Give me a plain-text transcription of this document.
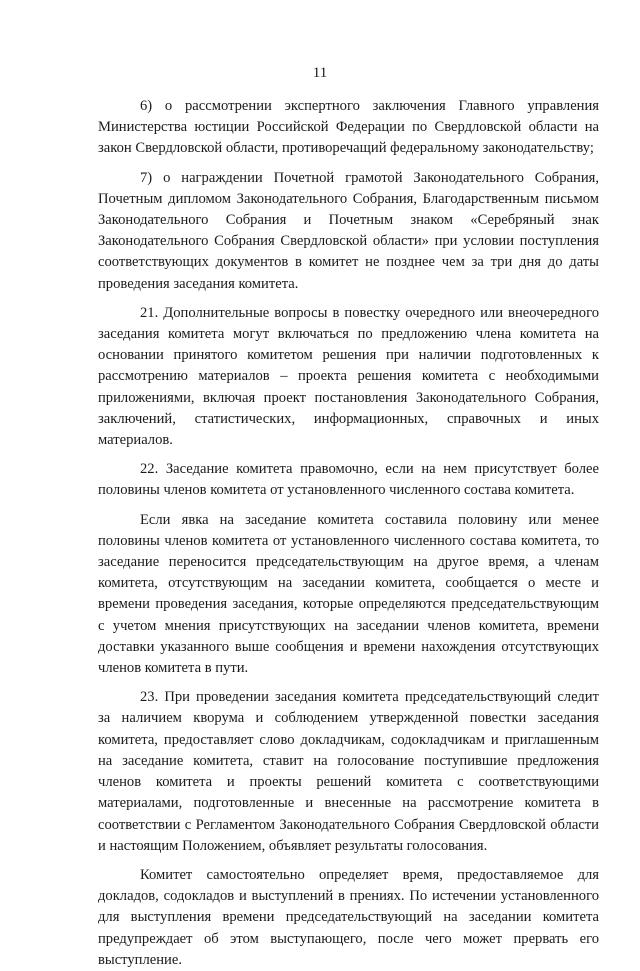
11

6) о рассмотрении экспертного заключения Главного управления Министерства юстиции Российской Федерации по Свердловской области на закон Свердловской области, противоречащий федеральному законодательству;

7) о награждении Почетной грамотой Законодательного Собрания, Почетным дипломом Законодательного Собрания, Благодарственным письмом Законодательного Собрания и Почетным знаком «Серебряный знак Законодательного Собрания Свердловской области» при условии поступления соответствующих документов в комитет не позднее чем за три дня до даты проведения заседания комитета.

21. Дополнительные вопросы в повестку очередного или внеочередного заседания комитета могут включаться по предложению члена комитета на основании принятого комитетом решения при наличии подготовленных к рассмотрению материалов – проекта решения комитета с необходимыми приложениями, включая проект постановления Законодательного Собрания, заключений, статистических, информационных, справочных и иных материалов.

22. Заседание комитета правомочно, если на нем присутствует более половины членов комитета от установленного численного состава комитета.

Если явка на заседание комитета составила половину или менее половины членов комитета от установленного численного состава комитета, то заседание переносится председательствующим на другое время, а членам комитета, отсутствующим на заседании комитета, сообщается о месте и времени проведения заседания, которые определяются председательствующим с учетом мнения присутствующих на заседании членов комитета, времени доставки указанного выше сообщения и времени нахождения отсутствующих членов комитета в пути.

23. При проведении заседания комитета председательствующий следит за наличием кворума и соблюдением утвержденной повестки заседания комитета, предоставляет слово докладчикам, содокладчикам и приглашенным на заседание комитета, ставит на голосование поступившие предложения членов комитета и проекты решений комитета с соответствующими материалами, подготовленные и внесенные на рассмотрение комитета в соответствии с Регламентом Законодательного Собрания Свердловской области и настоящим Положением, объявляет результаты голосования.

Комитет самостоятельно определяет время, предоставляемое для докладов, содокладов и выступлений в прениях. По истечении установленного для выступления времени председательствующий на заседании комитета предупреждает об этом выступающего, после чего может прервать его выступление.
